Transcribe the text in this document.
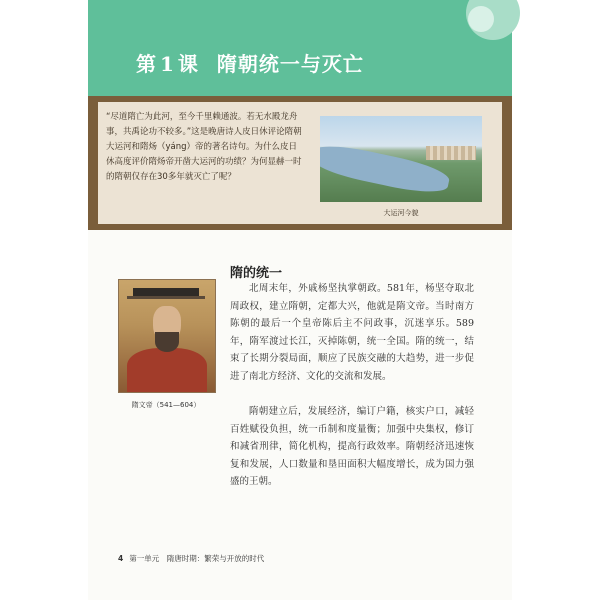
第 1 课 隋朝统一与灭亡
“尽道隋亡为此河，至今千里赖通波。若无水殿龙舟事，共禹论功不较多。”这是晚唐诗人皮日休评论隋朝大运河和隋炀（yáng）帝的著名诗句。为什么皮日休高度评价隋炀帝开凿大运河的功绩？为何显赫一时的隋朝仅存在30多年就灭亡了呢？
大运河今貌
隋的统一
隋文帝（541—604）
北周末年，外戚杨坚执掌朝政。581年，杨坚夺取北周政权，建立隋朝，定都大兴，他就是隋文帝。当时南方陈朝的最后一个皇帝陈后主不问政事，沉迷享乐。589年，隋军渡过长江，灭掉陈朝，统一全国。隋的统一，结束了长期分裂局面，顺应了民族交融的大趋势，进一步促进了南北方经济、文化的交流和发展。
隋朝建立后，发展经济，编订户籍，核实户口，减轻百姓赋役负担，统一币制和度量衡；加强中央集权，修订和减省刑律，简化机构，提高行政效率。隋朝经济迅速恢复和发展，人口数量和垦田面积大幅度增长，成为国力强盛的王朝。
4 第一单元　隋唐时期：繁荣与开放的时代
